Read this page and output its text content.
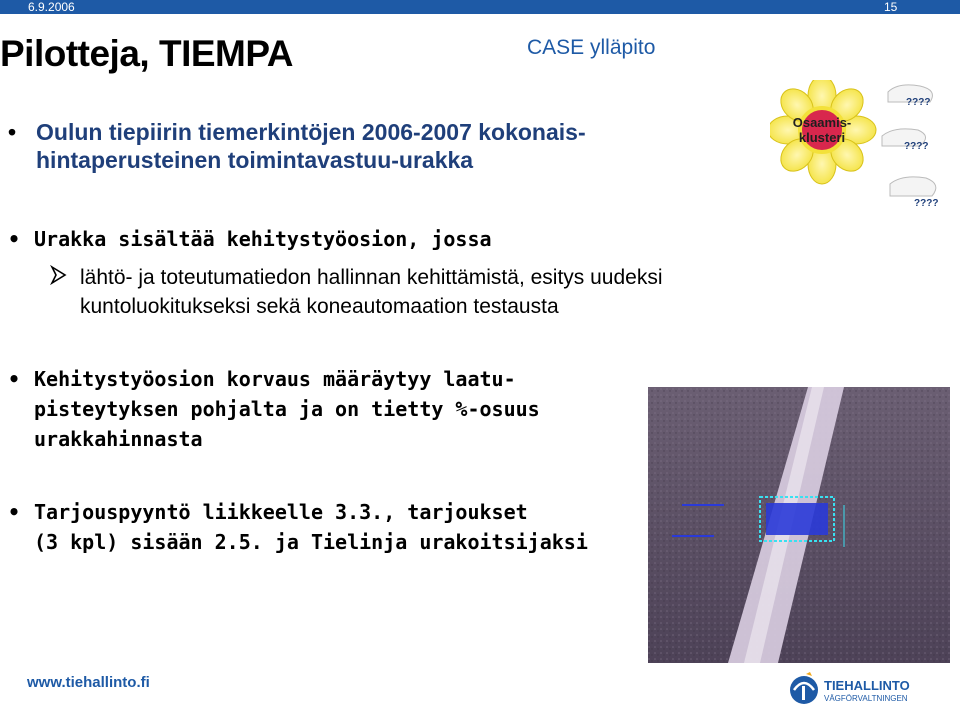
6.9.2006	15
Pilotteja, TIEMPA	CASE ylläpito
• Oulun tiepiirin tiemerkintöjen 2006-2007 kokonais-
hintaperusteinen toimintavastuu-urakka
Osaamis-
klusteri
????
????
????
• Urakka sisältää kehitystyöosion, jossa
lähtö- ja toteutumatiedon hallinnan kehittämistä, esitys uudeksi
kuntoluokitukseksi sekä koneautomaation testausta
• Kehitystyöosion korvaus määräytyy laatu-
pisteytyksen pohjalta ja on tietty %-osuus
urakkahinnasta
• Tarjouspyyntö liikkeelle 3.3., tarjoukset
(3 kpl) sisään 2.5. ja Tielinja urakoitsijaksi
www.tiehallinto.fi	TIEHALLINTO
VÄGFÖRVALTNINGEN
